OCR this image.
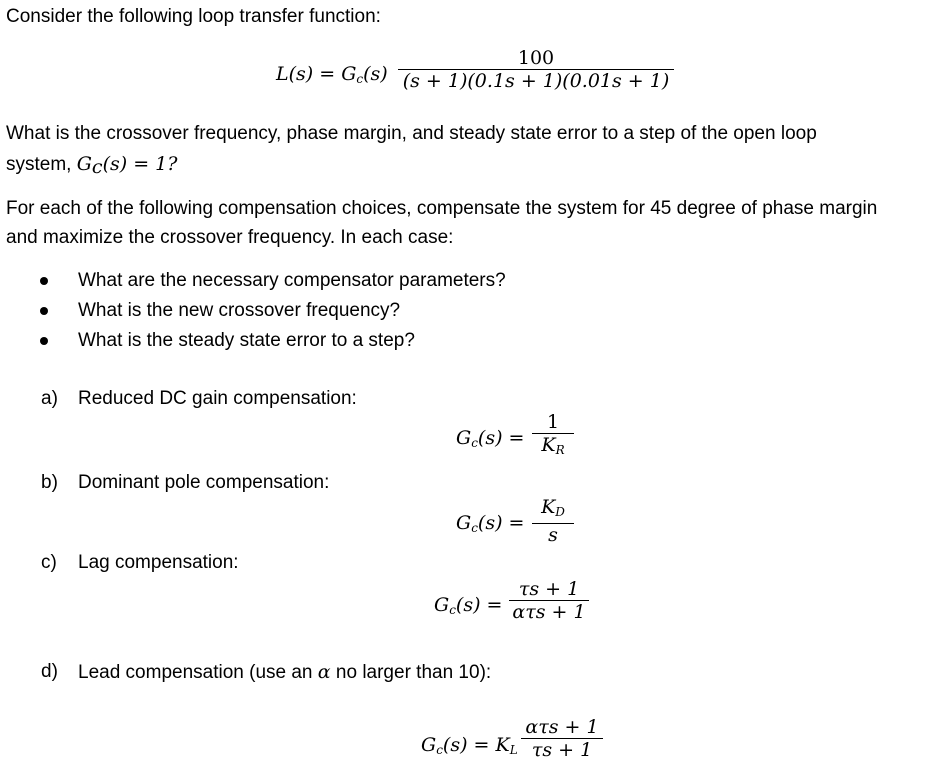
Consider the following loop transfer function:
$L(s) = G_c(s)$
100
(s + 1)(0.1s + 1)(0.01s + 1)
What is the crossover frequency, phase margin, and steady state error to a step of the open loop
system, $G_c(s) = 1$?
For each of the following compensation choices, compensate the system for 45 degree of phase margin
and maximize the crossover frequency. In each case:
What are the necessary compensator parameters?
What is the new crossover frequency?
What is the steady state error to a step?
a) Reduced DC gain compensation:
$G_c(s)$ =
1
$K_R$
b) Dominant pole compensation:
$G_c(s)$ =
$K_D$
s
c) Lag compensation:
$G_c(s)$ =
τs + 1
ατs + 1
d) Lead compensation (use an α no larger than 10):
$G_c(s) = K_L$
ατs + 1
τs + 1
